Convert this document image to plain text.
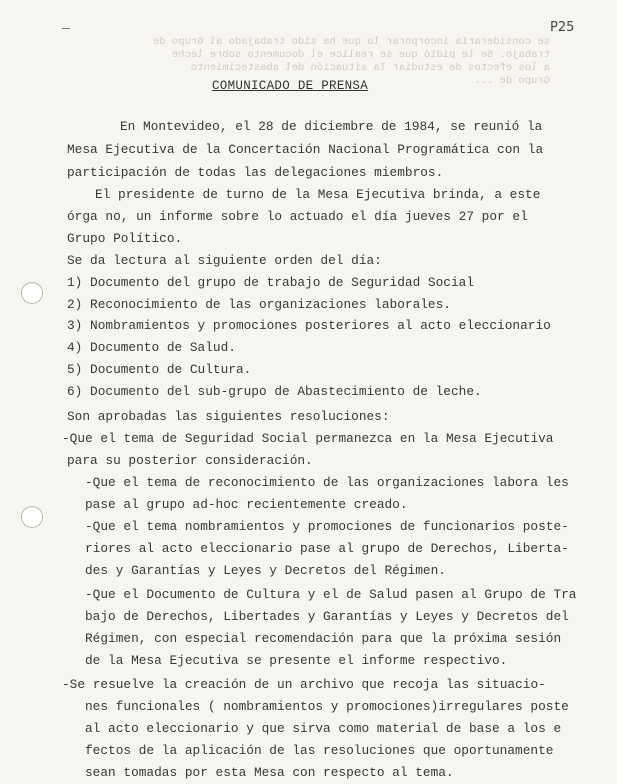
se consideraría incorporar lo que ha sido trabajado al Grupo de
trabajo. Se le pidió que se realice el documento sobre leche
a los efectos de estudiar la situación del abastecimiento
Grupo de ...
P25
COMUNICADO DE PRENSA
En Montevideo, el 28 de diciembre de 1984, se reunió la
Mesa Ejecutiva de la Concertación Nacional Programática con la
participación de todas las delegaciones miembros.
El presidente de turno de la Mesa Ejecutiva brinda, a este
órga no, un informe sobre lo actuado el día jueves 27 por el
Grupo Político.
Se da lectura al siguiente orden del día:
1) Documento del grupo de trabajo de Seguridad Social
2) Reconocimiento de las organizaciones laborales.
3) Nombramientos y promociones posteriores al acto eleccionario
4) Documento de Salud.
5) Documento de Cultura.
6) Documento del sub-grupo de Abastecimiento de leche.
Son aprobadas las siguientes resoluciones:
-Que el tema de Seguridad Social permanezca en la Mesa Ejecutiva
para su posterior consideración.
-Que el tema de reconocimiento de las organizaciones labora les
pase al grupo ad-hoc recientemente creado.
-Que el tema nombramientos y promociones de funcionarios poste-
riores al acto eleccionario pase al grupo de Derechos, Liberta-
des y Garantías y Leyes y Decretos del Régimen.
-Que el Documento de Cultura y el de Salud pasen al Grupo de Tra
bajo de Derechos, Libertades y Garantías y Leyes y Decretos del
Régimen, con especial recomendación para que la próxima sesión
de la Mesa Ejecutiva se presente el informe respectivo.
-Se resuelve la creación de un archivo que recoja las situacio-
nes funcionales ( nombramientos y promociones)irregulares poste
al acto eleccionario y que sirva como material de base a los e
fectos de la aplicación de las resoluciones que oportunamente
sean tomadas por esta Mesa con respecto al tema.
